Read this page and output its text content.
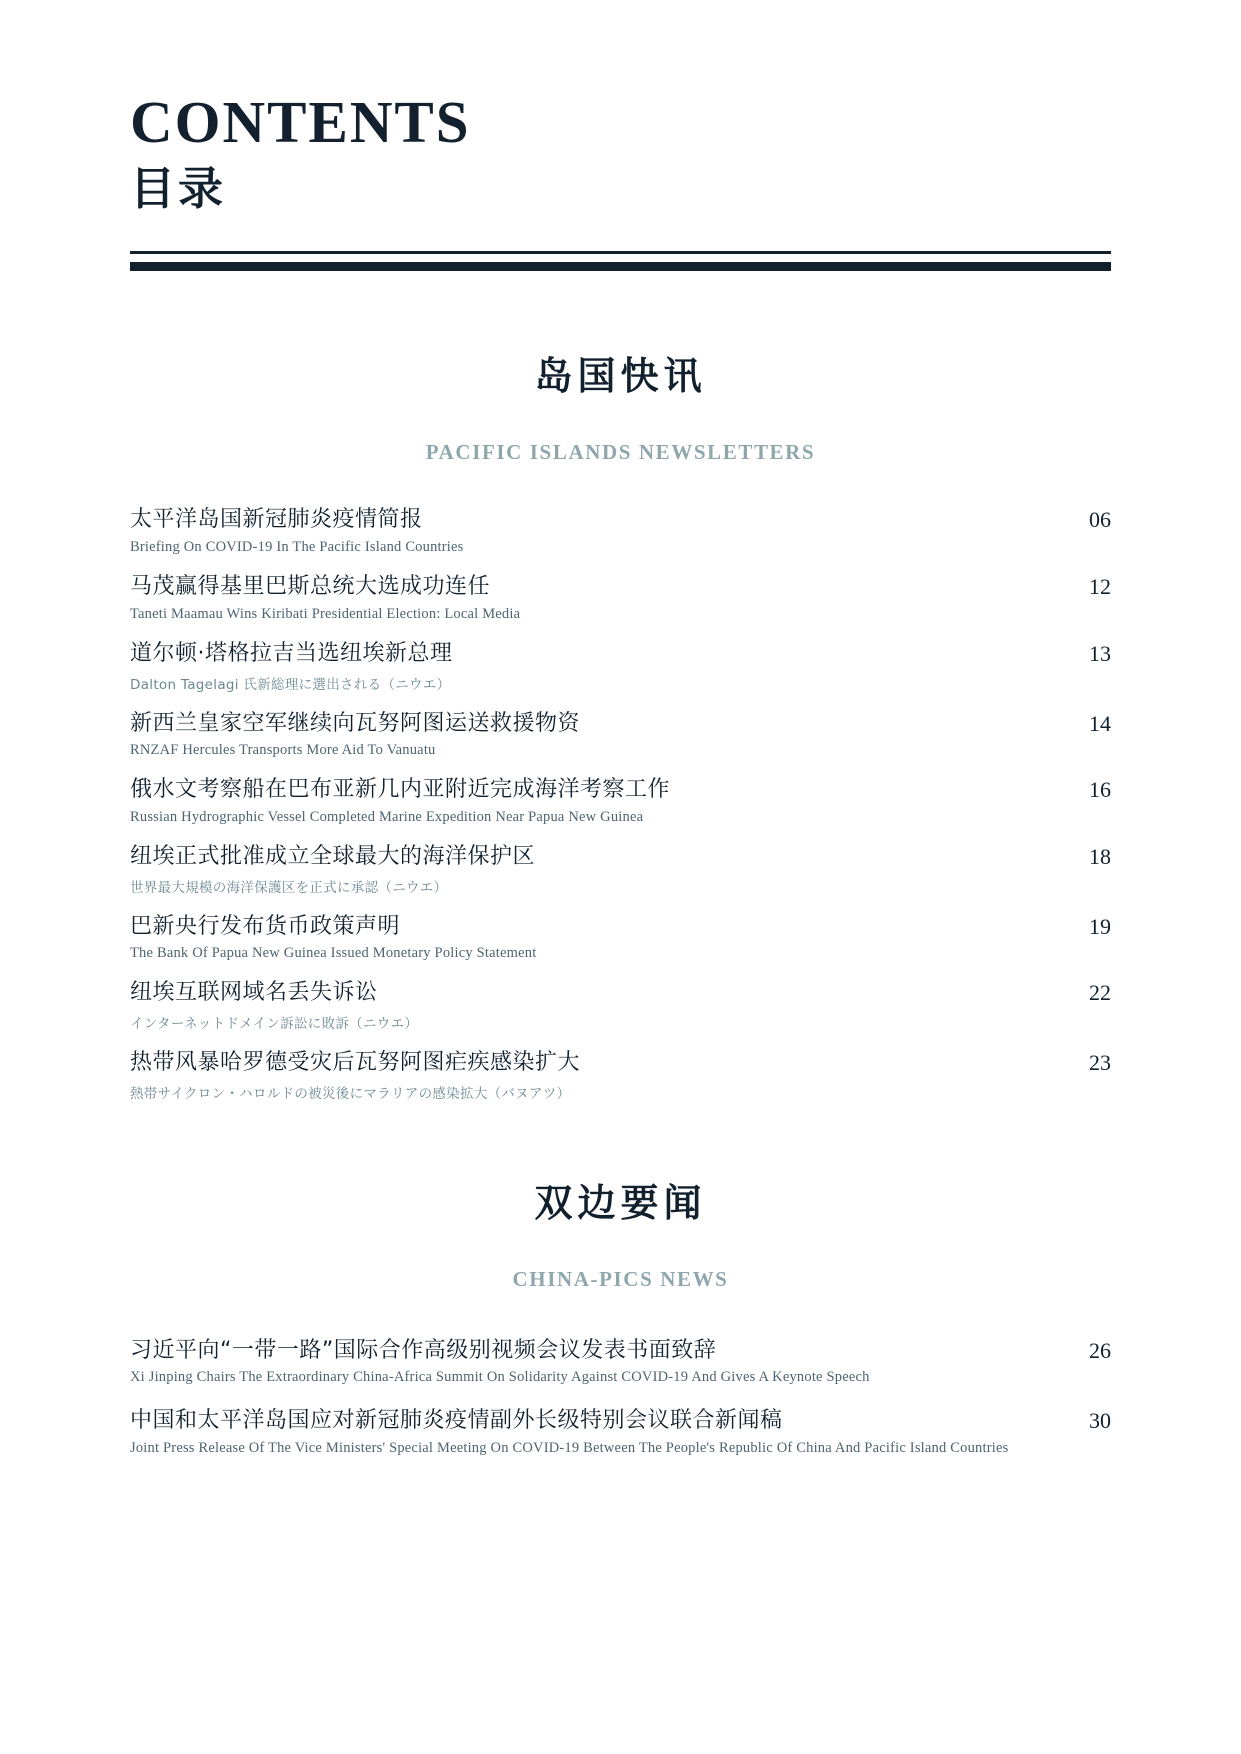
CONTENTS
目录
岛国快讯
PACIFIC ISLANDS NEWSLETTERS
太平洋岛国新冠肺炎疫情简报
Briefing On COVID-19 In The Pacific Island Countries
06
马茂赢得基里巴斯总统大选成功连任
Taneti Maamau Wins Kiribati Presidential Election: Local Media
12
道尔顿·塔格拉吉当选纽埃新总理
Dalton Tagelagi 氏新総理に選出される（ニウエ）
13
新西兰皇家空军继续向瓦努阿图运送救援物资
RNZAF Hercules Transports More Aid To Vanuatu
14
俄水文考察船在巴布亚新几内亚附近完成海洋考察工作
Russian Hydrographic Vessel Completed Marine Expedition Near Papua New Guinea
16
纽埃正式批准成立全球最大的海洋保护区
世界最大規模の海洋保護区を正式に承認（ニウエ）
18
巴新央行发布货币政策声明
The Bank Of Papua New Guinea Issued Monetary Policy Statement
19
纽埃互联网域名丢失诉讼
インターネットドメイン訴訟に敗訴（ニウエ）
22
热带风暴哈罗德受灾后瓦努阿图疟疾感染扩大
熱帯サイクロン・ハロルドの被災後にマラリアの感染拡大（バヌアツ）
23
双边要闻
CHINA-PICS NEWS
习近平向“一带一路”国际合作高级别视频会议发表书面致辞
Xi Jinping Chairs The Extraordinary China-Africa Summit On Solidarity Against COVID-19 And Gives A Keynote Speech
26
中国和太平洋岛国应对新冠肺炎疫情副外长级特别会议联合新闻稿
Joint Press Release Of The Vice Ministers' Special Meeting On COVID-19 Between The People's Republic Of China And Pacific Island Countries
30
